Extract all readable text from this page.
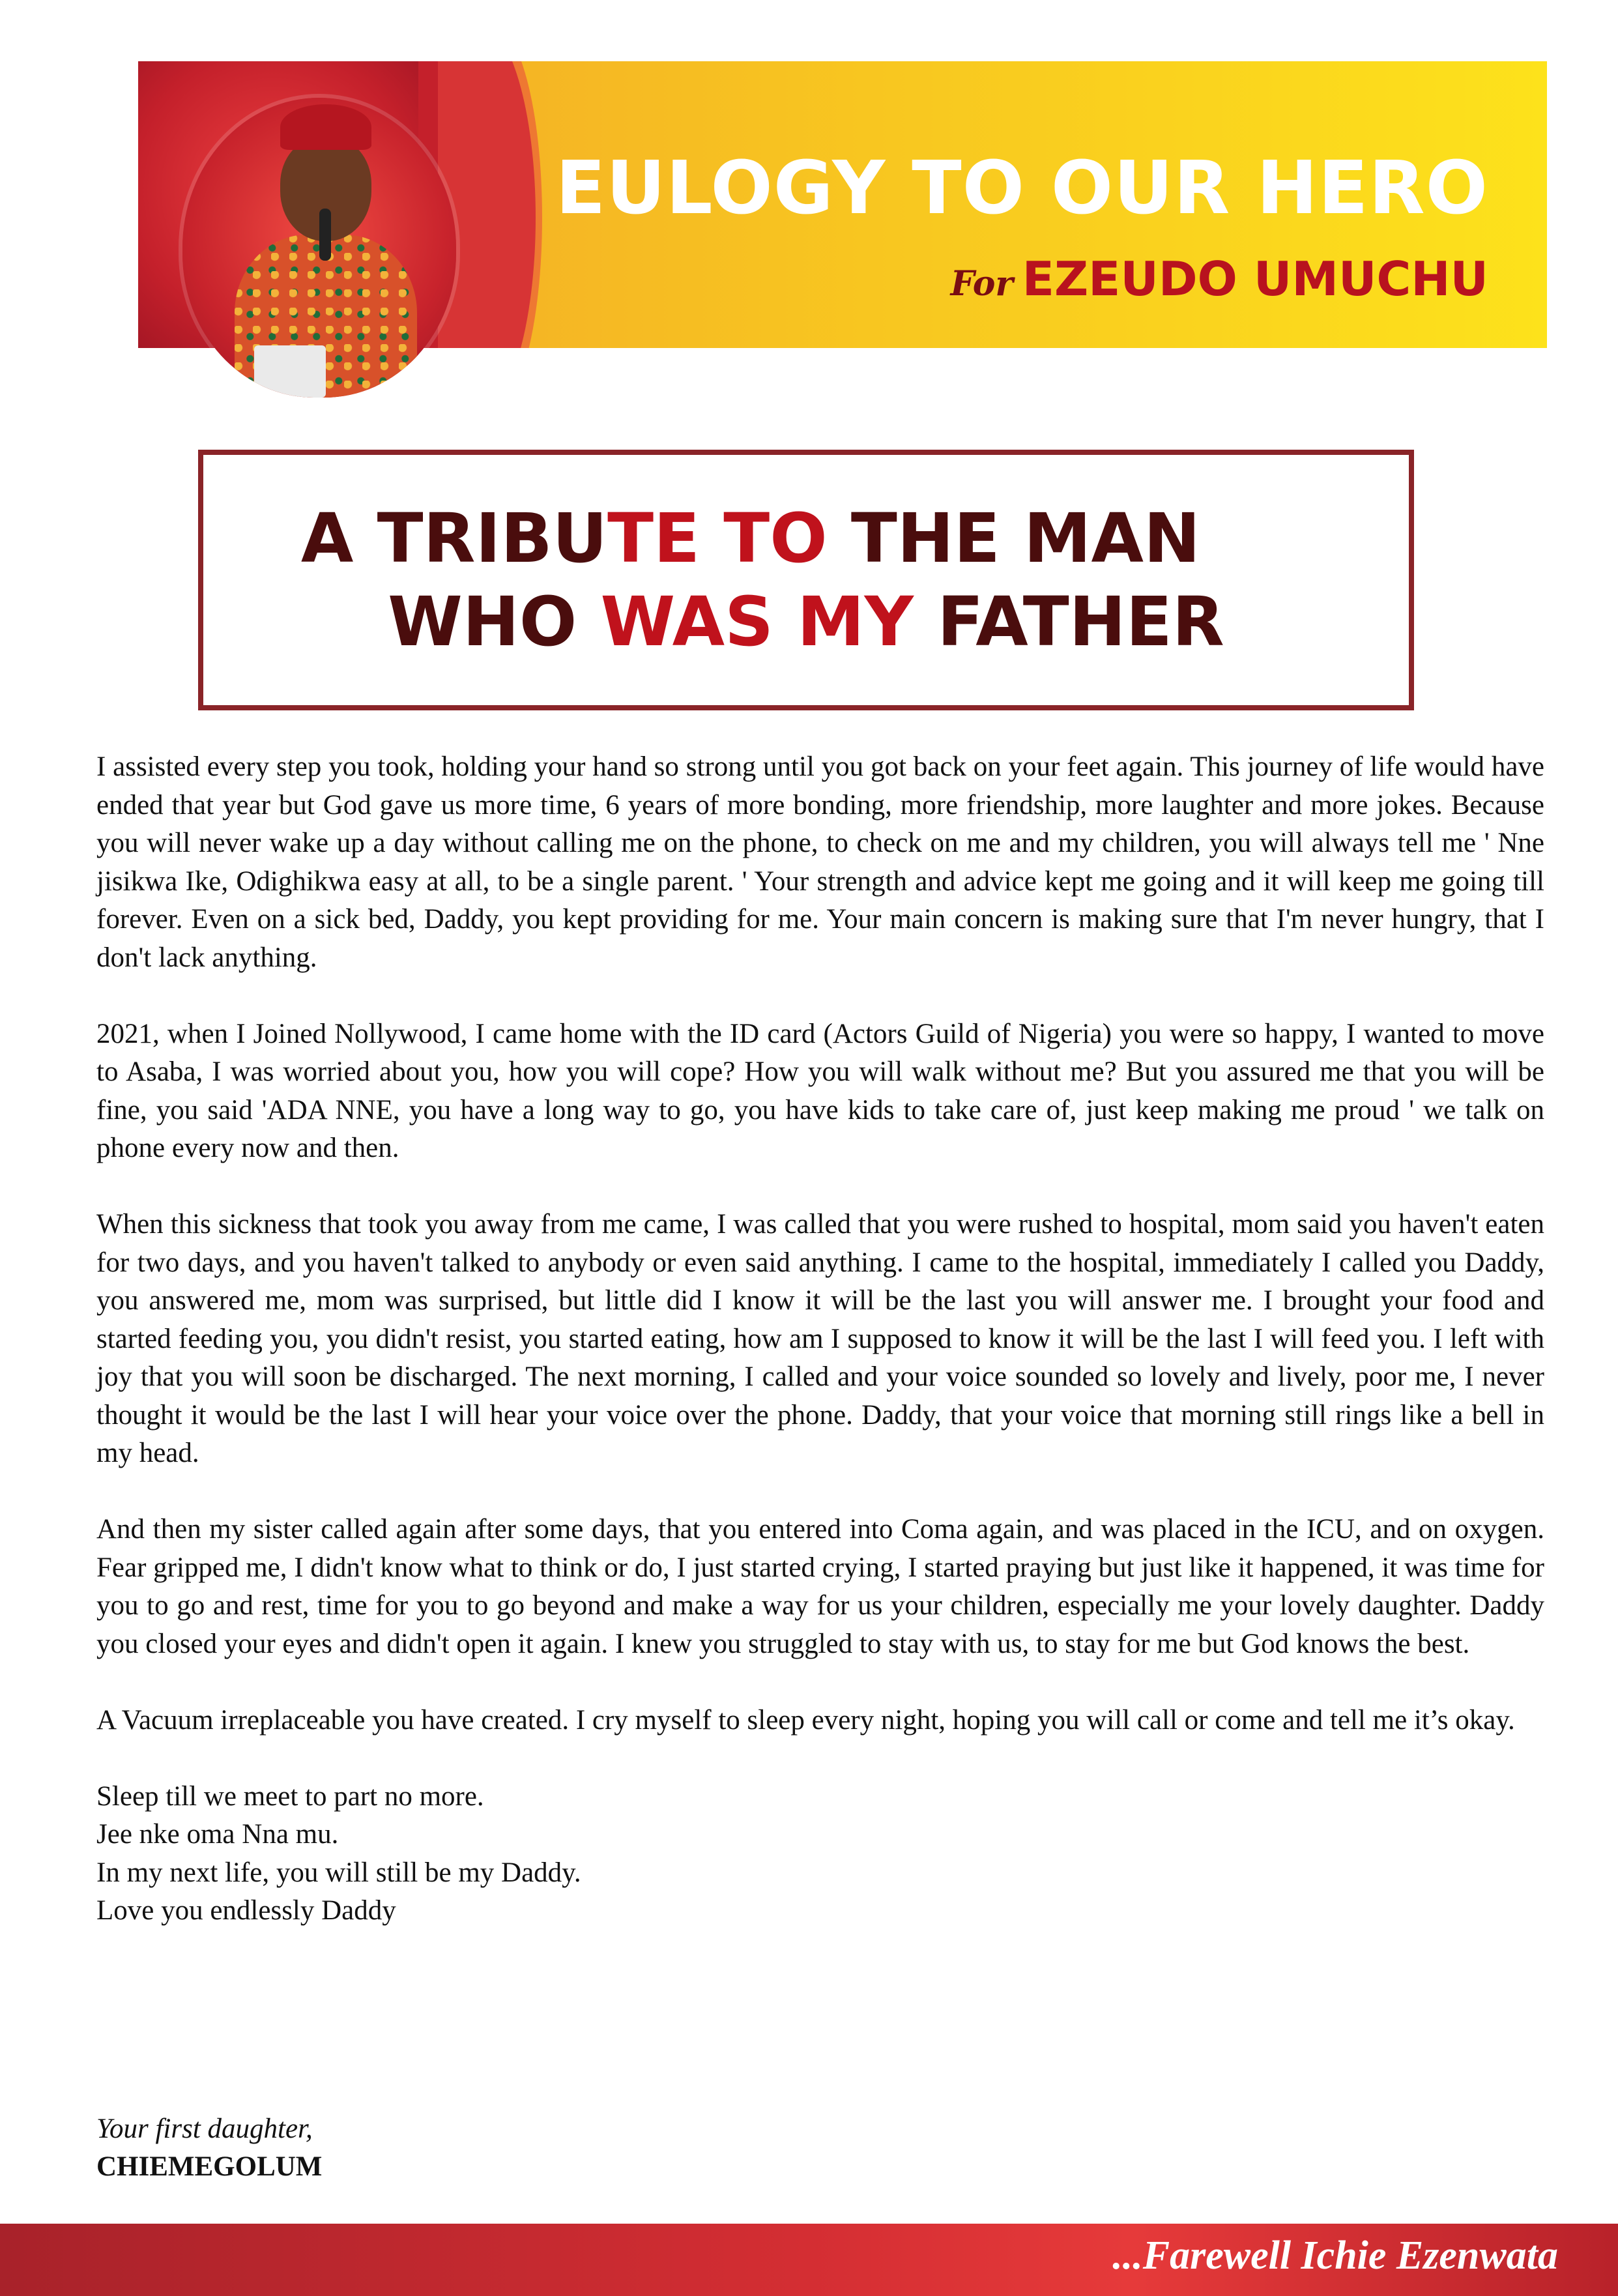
EULOGY TO OUR HERO
For EZEUDO UMUCHU
A TRIBUTE TO THE MAN
WHO WAS MY FATHER

I assisted every step you took, holding your hand so strong until you got back on your feet again. This journey of life would have ended that year but God gave us more time, 6 years of more bonding, more friendship, more laughter and more jokes. Because you will never wake up a day without calling me on the phone, to check on me and my children, you will always tell me ' Nne jisikwa Ike, Odighikwa easy at all, to be a single parent. ' Your strength and advice kept me going and it will keep me going till forever. Even on a sick bed, Daddy, you kept providing for me. Your main concern is making sure that I'm never hungry, that I don't lack anything.

2021, when I Joined Nollywood, I came home with the ID card (Actors Guild of Nigeria) you were so happy, I wanted to move to Asaba, I was worried about you, how you will cope? How you will walk without me? But you assured me that you will be fine, you said 'ADA NNE, you have a long way to go, you have kids to take care of, just keep making me proud ' we talk on phone every now and then.

When this sickness that took you away from me came, I was called that you were rushed to hospital, mom said you haven't eaten for two days, and you haven't talked to anybody or even said anything. I came to the hospital, immediately I called you Daddy, you answered me, mom was surprised, but little did I know it will be the last you will answer me. I brought your food and started feeding you, you didn't resist, you started eating, how am I supposed to know it will be the last I will feed you. I left with joy that you will soon be discharged. The next morning, I called and your voice sounded so lovely and lively, poor me, I never thought it would be the last I will hear your voice over the phone. Daddy, that your voice that morning still rings like a bell in my head.

And then my sister called again after some days, that you entered into Coma again, and was placed in the ICU, and on oxygen. Fear gripped me, I didn't know what to think or do, I just started crying, I started praying but just like it happened, it was time for you to go and rest, time for you to go beyond and make a way for us your children, especially me your lovely daughter. Daddy you closed your eyes and didn't open it again. I knew you struggled to stay with us, to stay for me but God knows the best.

A Vacuum irreplaceable you have created. I cry myself to sleep every night, hoping you will call or come and tell me it’s okay.

Sleep till we meet to part no more.

Jee nke oma Nna mu.

In my next life, you will still be my Daddy.

Love you endlessly Daddy

Your first daughter,
CHIEMEGOLUM
...Farewell Ichie Ezenwata
